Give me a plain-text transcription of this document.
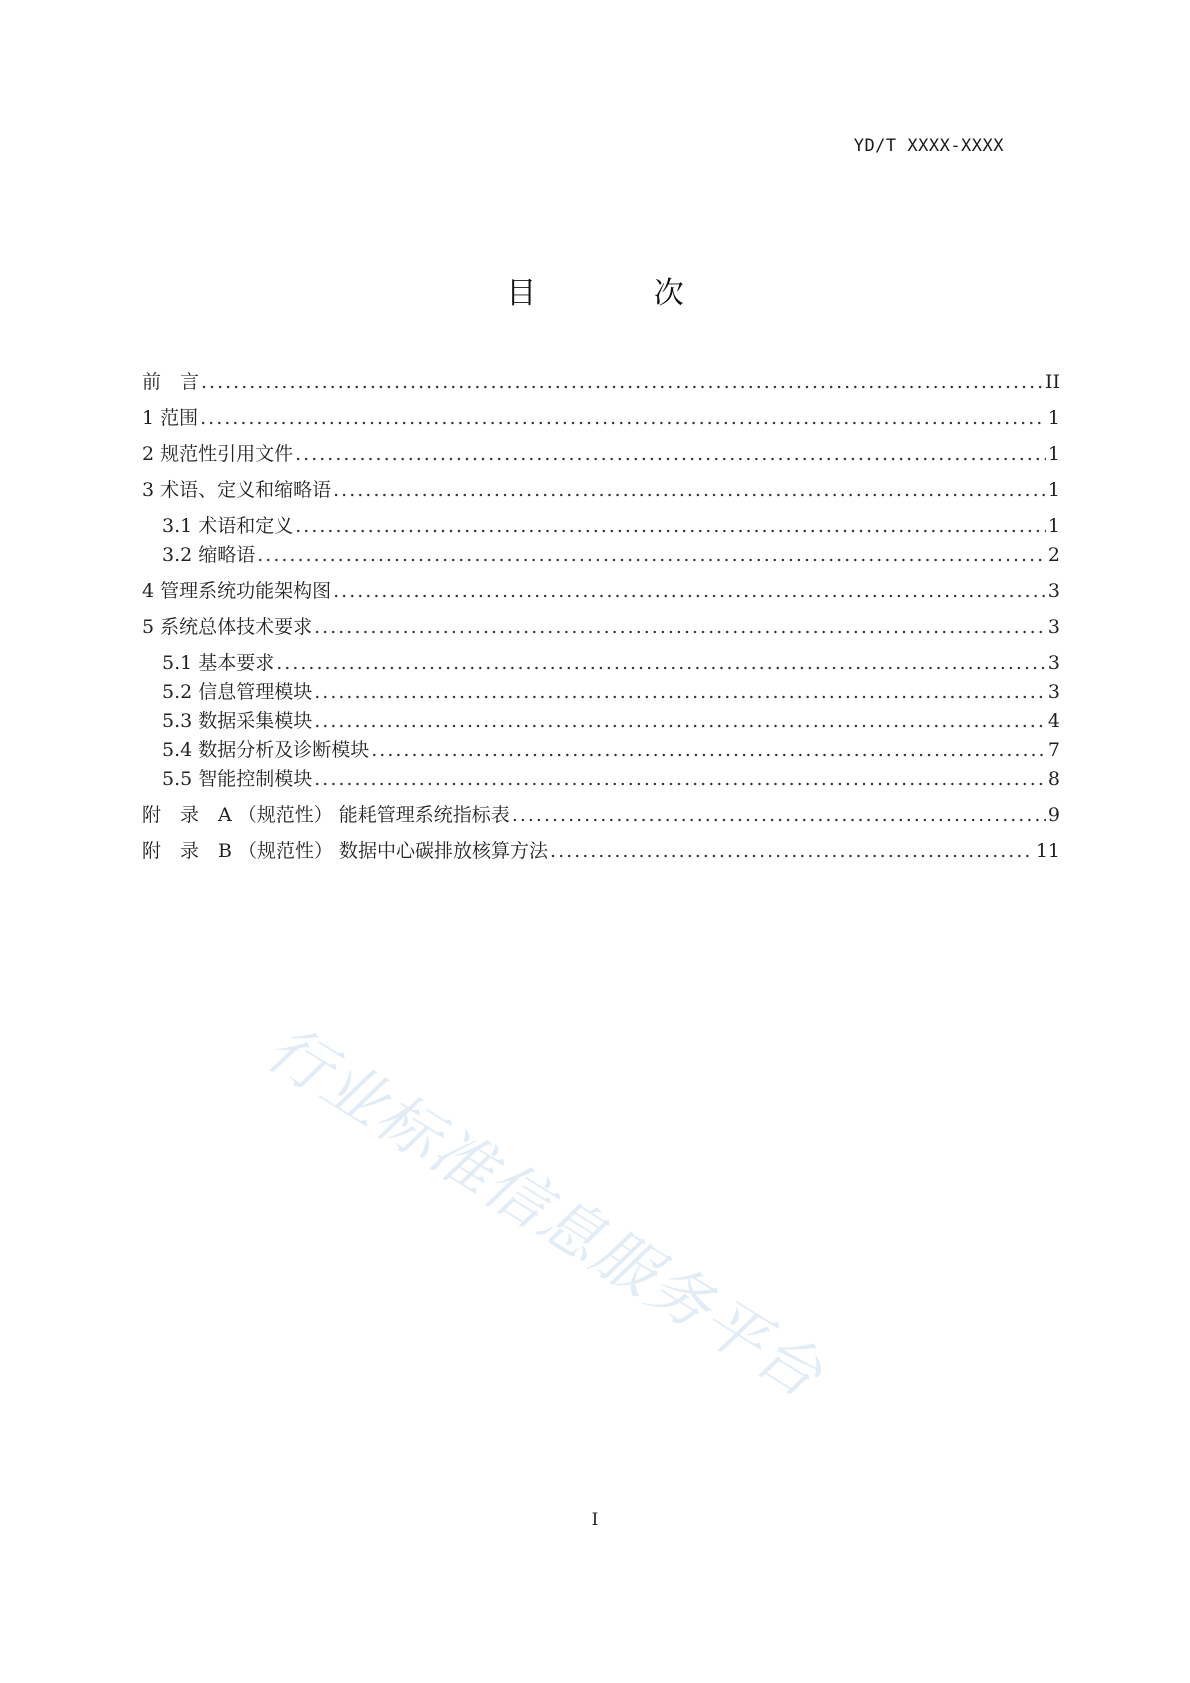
YD/T XXXX-XXXX
目 次
前　言 .....	II
1 范围 .....	1
2 规范性引用文件 .....	1
3 术语、定义和缩略语 .....	1
3.1 术语和定义 .....	1
3.2 缩略语 .....	2
4 管理系统功能架构图 .....	3
5 系统总体技术要求 .....	3
5.1 基本要求 .....	3
5.2 信息管理模块 .....	3
5.3 数据采集模块 .....	4
5.4 数据分析及诊断模块 .....	7
5.5 智能控制模块 .....	8
附　录　A （规范性） 能耗管理系统指标表 .....	9
附　录　B （规范性） 数据中心碳排放核算方法 .....	11
行业标准信息服务平台
I
